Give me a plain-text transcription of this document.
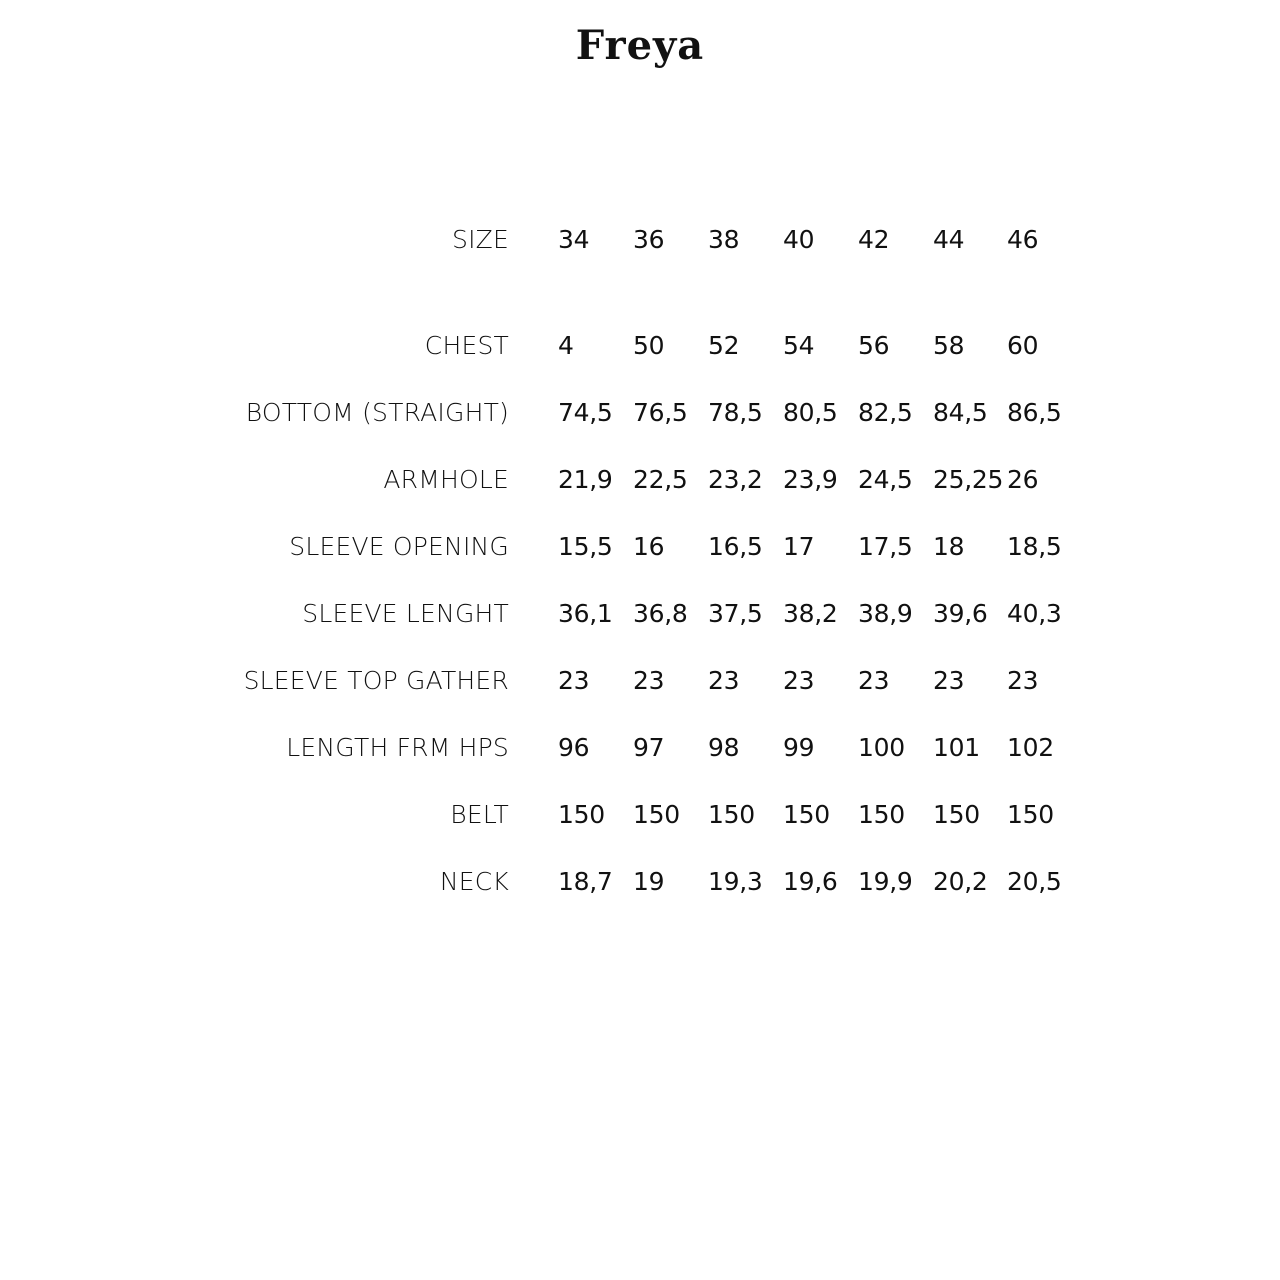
Freya
SIZE 34 36 38 40 42 44 46
CHEST 4 50 52 54 56 58 60
BOTTOM (STRAIGHT) 74,5 76,5 78,5 80,5 82,5 84,5 86,5
ARMHOLE 21,9 22,5 23,2 23,9 24,5 25,25 26
SLEEVE OPENING 15,5 16 16,5 17 17,5 18 18,5
SLEEVE LENGHT 36,1 36,8 37,5 38,2 38,9 39,6 40,3
SLEEVE TOP GATHER 23 23 23 23 23 23 23
LENGTH FRM HPS 96 97 98 99 100 101 102
BELT 150 150 150 150 150 150 150
NECK 18,7 19 19,3 19,6 19,9 20,2 20,5
